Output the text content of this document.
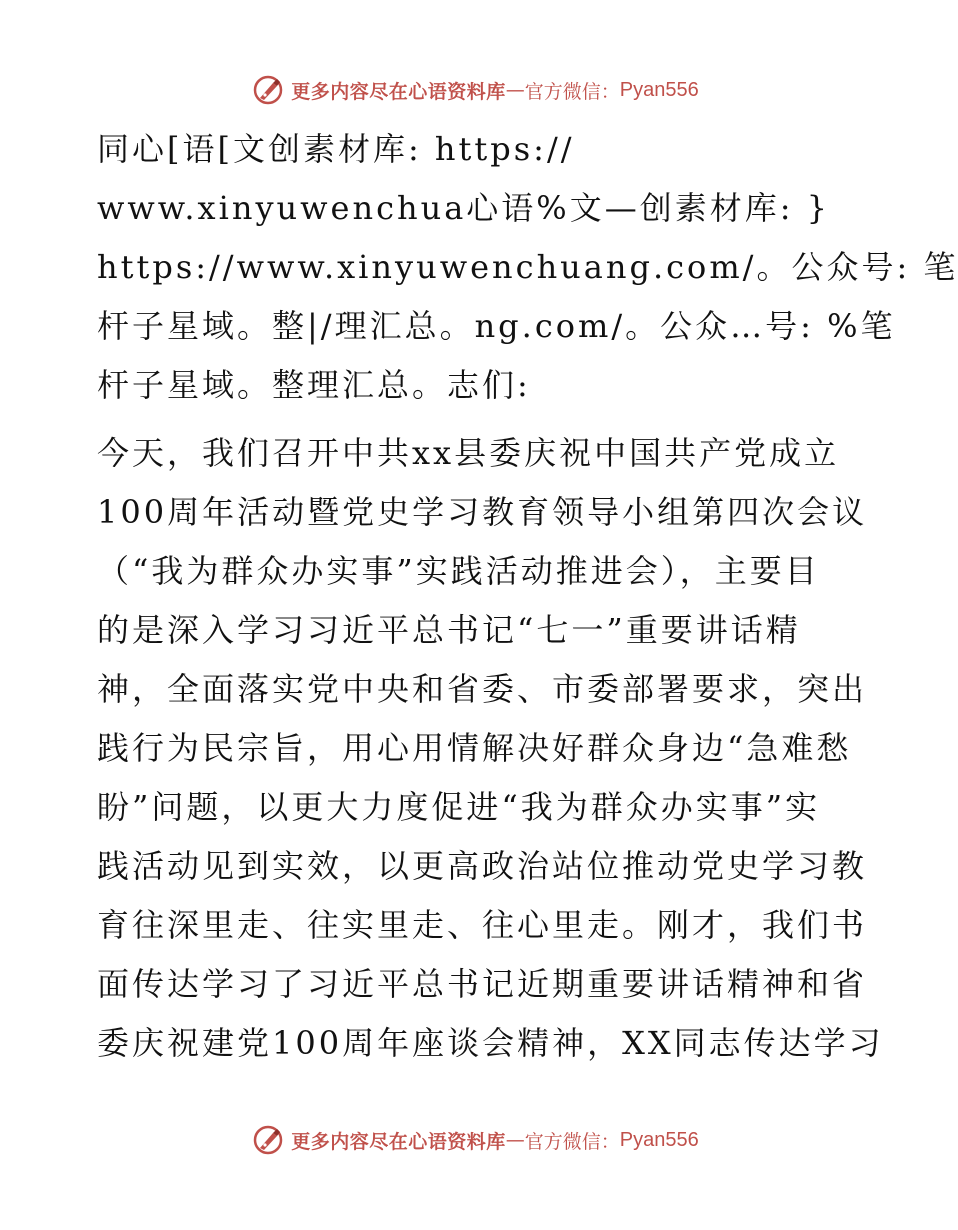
更多内容尽在心语资料库 — 官方微信： Pyan556
同心[语[文创素材库: https://
www.xinyuwenchua心语%文—创素材库: }
https://www.xinyuwenchuang.com/。公众号: 笔
杆子星域。整|/理汇总。ng.com/。公众…号: %笔
杆子星域。整理汇总。志们:
今天，我们召开中共xx县委庆祝中国共产党成立
100周年活动暨党史学习教育领导小组第四次会议
（“我为群众办实事”实践活动推进会），主要目
的是深入学习习近平总书记“七一”重要讲话精
神，全面落实党中央和省委、市委部署要求，突出
践行为民宗旨，用心用情解决好群众身边“急难愁
盼”问题，以更大力度促进“我为群众办实事”实
践活动见到实效，以更高政治站位推动党史学习教
育往深里走、往实里走、往心里走。刚才，我们书
面传达学习了习近平总书记近期重要讲话精神和省
委庆祝建党100周年座谈会精神，XX同志传达学习
更多内容尽在心语资料库 — 官方微信： Pyan556
